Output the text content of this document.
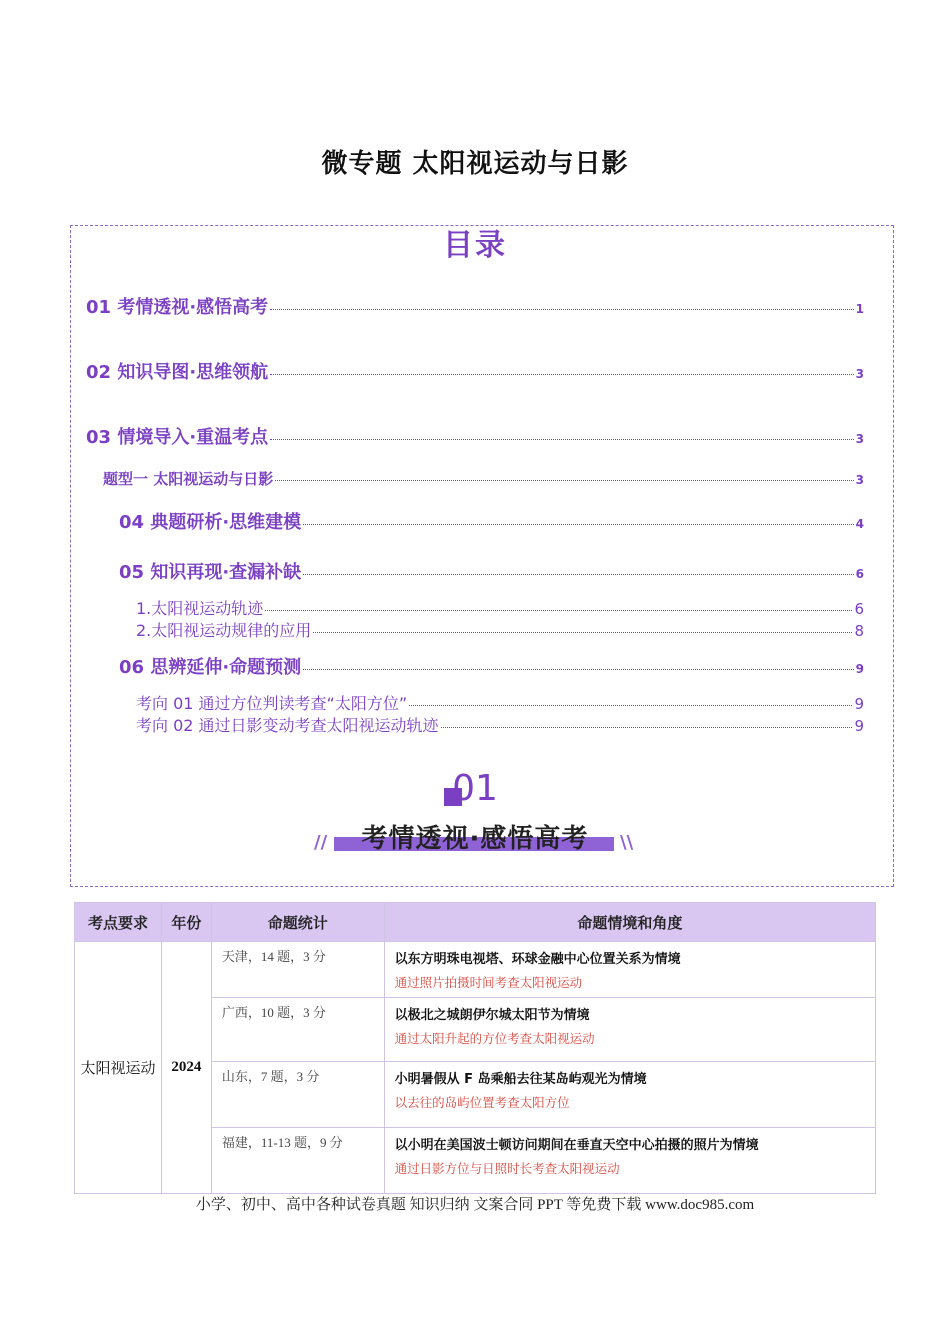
微专题 太阳视运动与日影
目录
01 考情透视·感悟高考	1
02 知识导图·思维领航	3
03 情境导入·重温考点	3
题型一 太阳视运动与日影	3
04 典题研析·思维建模	4
05 知识再现·查漏补缺	6
1.太阳视运动轨迹	6
2.太阳视运动规律的应用	8
06 思辨延伸·命题预测	9
考向 01 通过方位判读考查“太阳方位”	9
考向 02 通过日影变动考查太阳视运动轨迹	9
01
//	\\
考情透视·感悟高考
考点要求	年份	命题统计	命题情境和角度
太阳视运动	2024	天津，14 题，3 分	以东方明珠电视塔、环球金融中心位置关系为情境
通过照片拍摄时间考查太阳视运动

		广西，10 题，3 分	以极北之城朗伊尔城太阳节为情境
通过太阳升起的方位考查太阳视运动

		山东，7 题，3 分	小明暑假从 F 岛乘船去往某岛屿观光为情境
以去往的岛屿位置考查太阳方位

		福建，11-13 题，9 分	以小明在美国波士顿访问期间在垂直天空中心拍摄的照片为情境
通过日影方位与日照时长考查太阳视运动
小学、初中、高中各种试卷真题 知识归纳 文案合同 PPT 等免费下载 www.doc985.com
